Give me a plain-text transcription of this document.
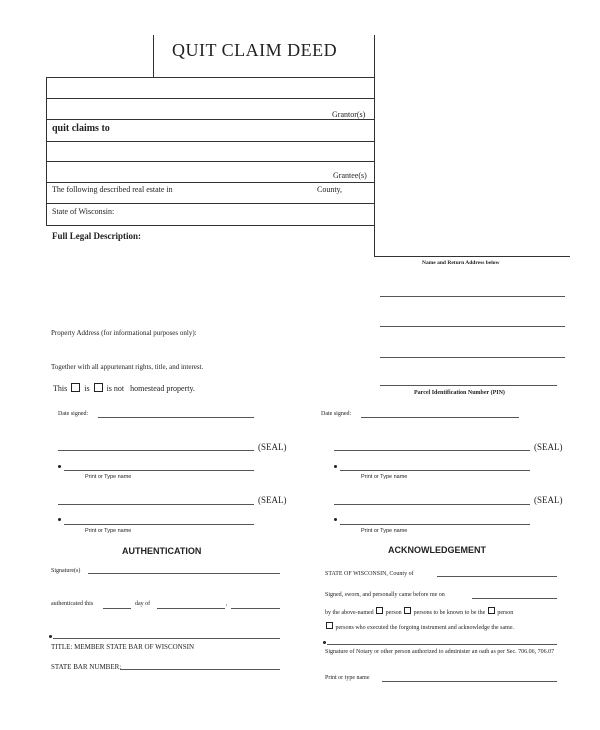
QUIT CLAIM DEED
Grantor(s)
quit claims to
Grantee(s)
The following described real estate in	County,
State of Wisconsin:
Full Legal Description:
Name and Return Address below
Parcel Identification Number (PIN)
Property Address (for informational purposes only):
Together with all appurtenant rights, title, and interest.
This is is not homestead property.
Date signed:
(SEAL)
Print or Type name
(SEAL)
Print or Type name
Date signed:
(SEAL)
Print or Type name
(SEAL)
Print or Type name
AUTHENTICATION
Signature(s)
authenticated this	day of	,
TITLE: MEMBER STATE BAR OF WISCONSIN
STATE BAR NUMBER:
ACKNOWLEDGEMENT
STATE OF WISCONSIN, County of
Signed, sworn, and personally came before me on
by the above-named person persons to be known to be the person
persons who executed the forgoing instrument and acknowledge the same.
Signature of Notary or other person authorized to administer an oath as per Sec. 706.06, 706.07
Print or type name
